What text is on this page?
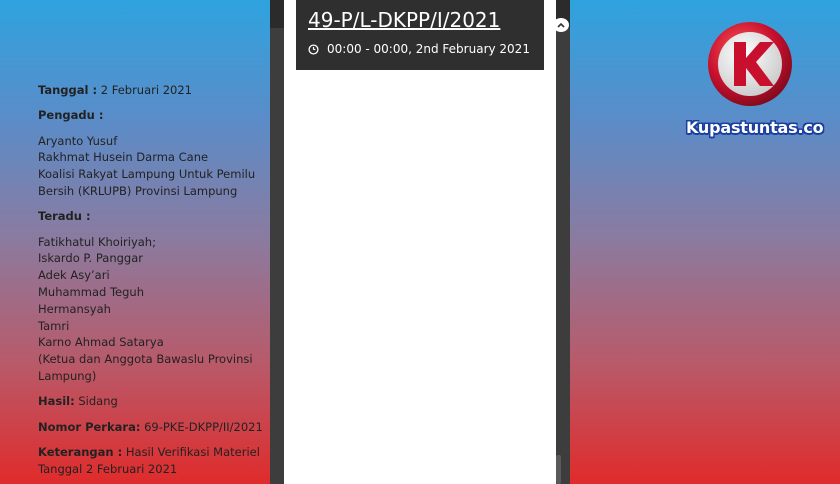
49-P/L-DKPP/I/2021
00:00 - 00:00, 2nd February 2021

Tanggal : 2 Februari 2021

Pengadu :

Aryanto Yusuf

Rakhmat Husein Darma Cane

Koalisi Rakyat Lampung Untuk Pemilu

Bersih (KRLUPB) Provinsi Lampung

Teradu :

Fatikhatul Khoiriyah;

Iskardo P. Panggar

Adek Asy’ari

Muhammad Teguh

Hermansyah

Tamri

Karno Ahmad Satarya

(Ketua dan Anggota Bawaslu Provinsi

Lampung)

Hasil: Sidang

Nomor Perkara: 69-PKE-DKPP/II/2021

Keterangan : Hasil Verifikasi Materiel

Tanggal 2 Februari 2021

Kupastuntas.co
